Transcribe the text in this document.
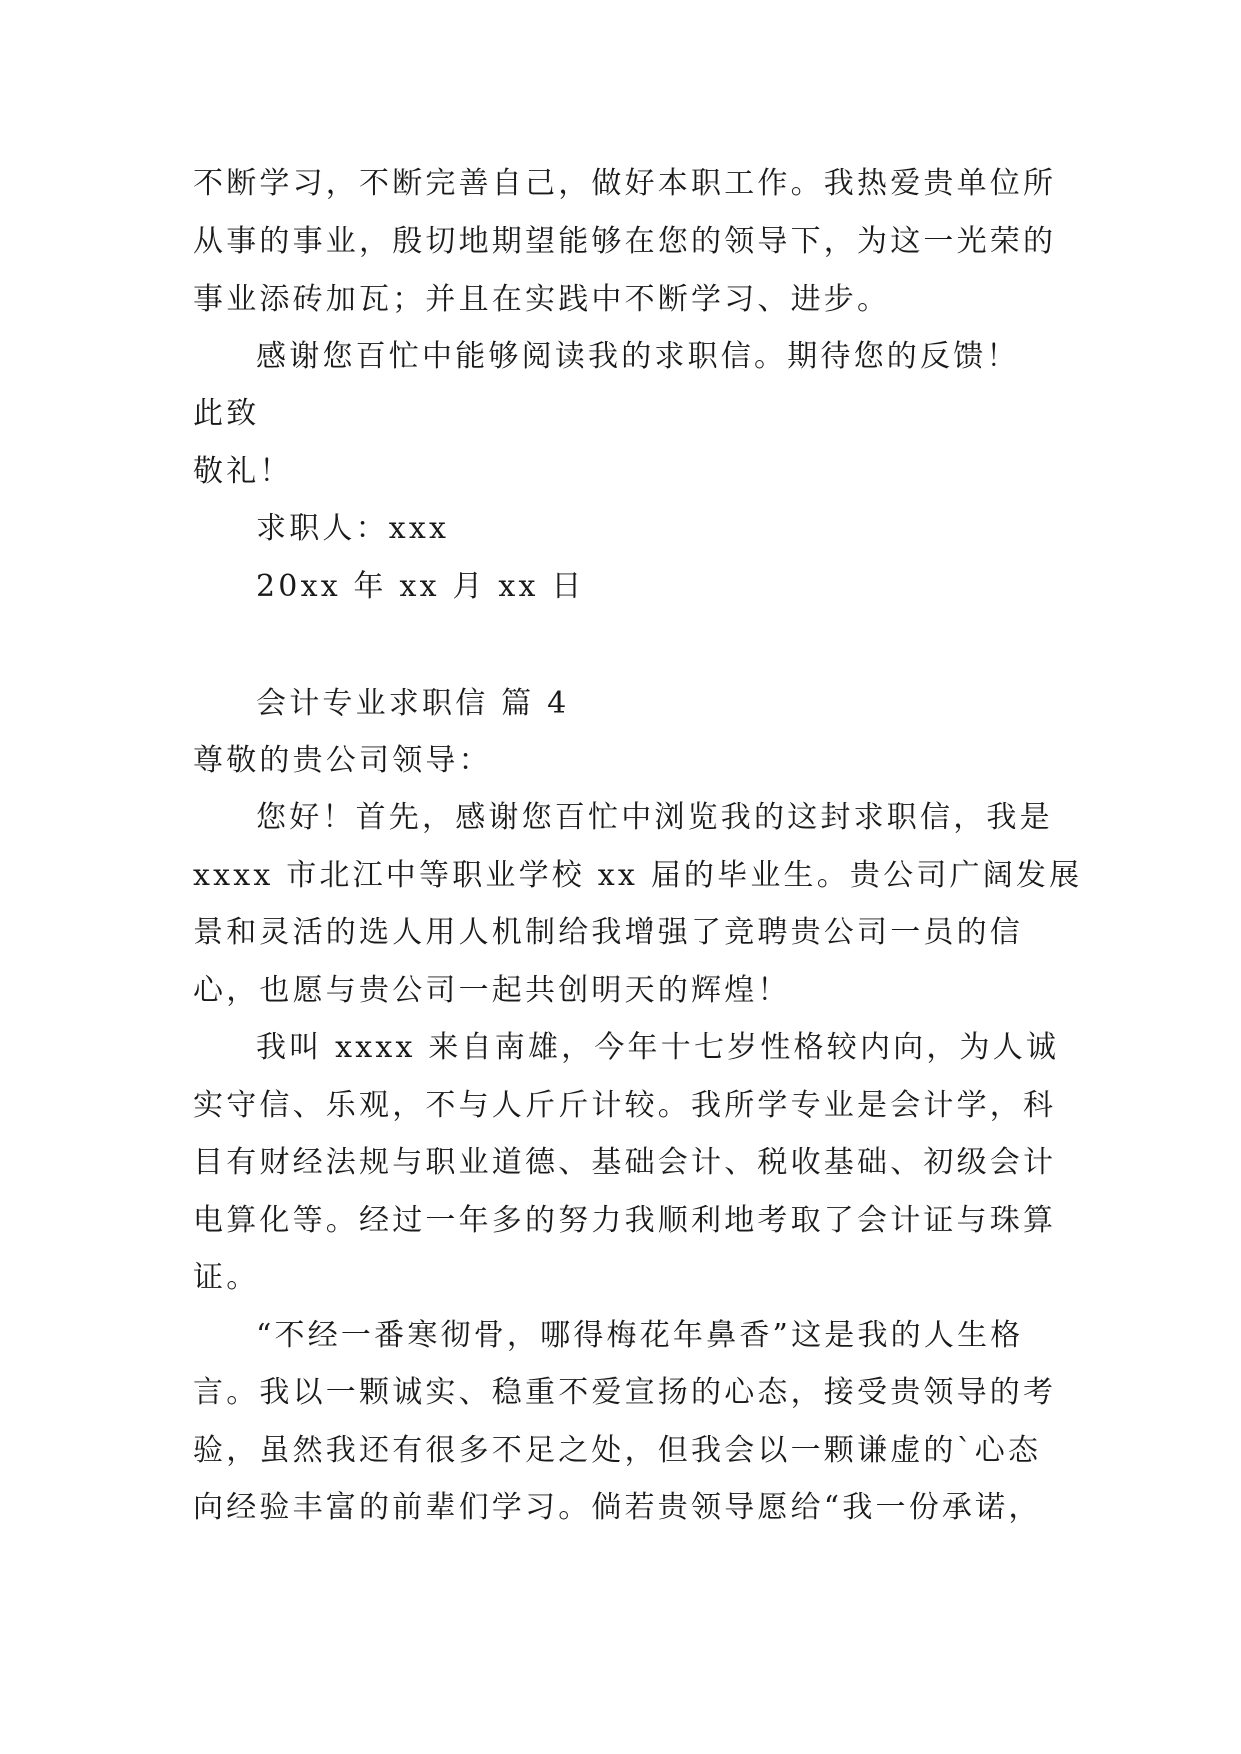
不断学习，不断完善自己，做好本职工作。我热爱贵单位所
从事的事业，殷切地期望能够在您的领导下，为这一光荣的
事业添砖加瓦；并且在实践中不断学习、进步。
感谢您百忙中能够阅读我的求职信。期待您的反馈！
此致
敬礼！
求职人：xxx
20xx 年 xx 月 xx 日
会计专业求职信 篇 4
尊敬的贵公司领导：
您好！首先，感谢您百忙中浏览我的这封求职信，我是
xxxx 市北江中等职业学校 xx 届的毕业生。贵公司广阔发展
景和灵活的选人用人机制给我增强了竞聘贵公司一员的信
心，也愿与贵公司一起共创明天的辉煌！
我叫 xxxx 来自南雄，今年十七岁性格较内向，为人诚
实守信、乐观，不与人斤斤计较。我所学专业是会计学，科
目有财经法规与职业道德、基础会计、税收基础、初级会计
电算化等。经过一年多的努力我顺利地考取了会计证与珠算
证。
“不经一番寒彻骨，哪得梅花年鼻香”这是我的人生格
言。我以一颗诚实、稳重不爱宣扬的心态，接受贵领导的考
验，虽然我还有很多不足之处，但我会以一颗谦虚的`心态
向经验丰富的前辈们学习。倘若贵领导愿给“我一份承诺，
